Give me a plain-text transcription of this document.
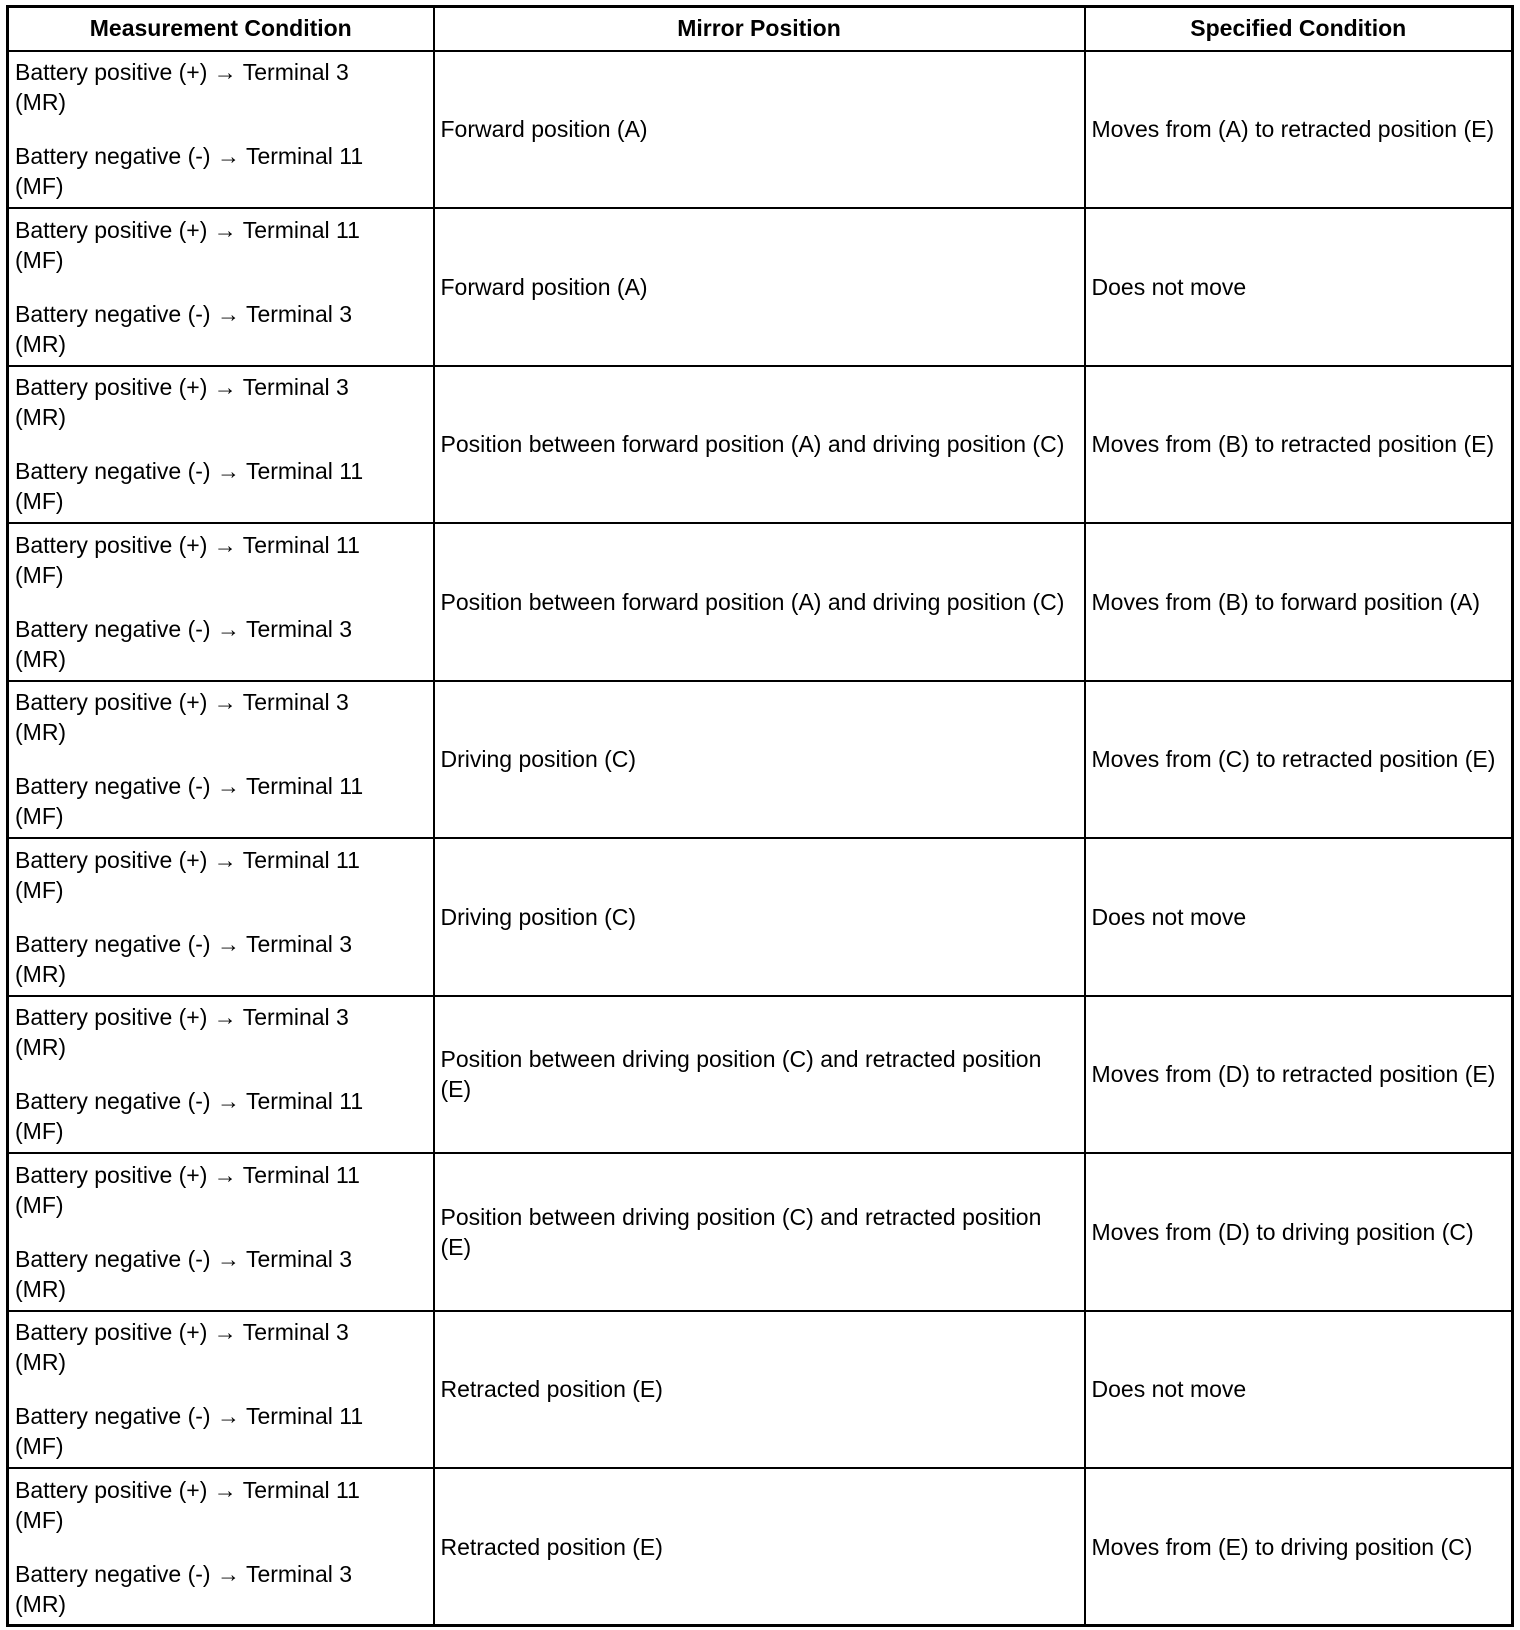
Measurement Condition	Mirror Position	Specified Condition

Battery positive (+) → Terminal 3 (MR)

Battery negative (-) → Terminal 11 (MF)	Forward position (A)	Moves from (A) to retracted position (E)

Battery positive (+) → Terminal 11 (MF)

Battery negative (-) → Terminal 3 (MR)	Forward position (A)	Does not move

Battery positive (+) → Terminal 3 (MR)

Battery negative (-) → Terminal 11 (MF)	Position between forward position (A) and driving position (C)	Moves from (B) to retracted position (E)

Battery positive (+) → Terminal 11 (MF)

Battery negative (-) → Terminal 3 (MR)	Position between forward position (A) and driving position (C)	Moves from (B) to forward position (A)

Battery positive (+) → Terminal 3 (MR)

Battery negative (-) → Terminal 11 (MF)	Driving position (C)	Moves from (C) to retracted position (E)

Battery positive (+) → Terminal 11 (MF)

Battery negative (-) → Terminal 3 (MR)	Driving position (C)	Does not move

Battery positive (+) → Terminal 3 (MR)

Battery negative (-) → Terminal 11 (MF)	Position between driving position (C) and retracted position (E)	Moves from (D) to retracted position (E)

Battery positive (+) → Terminal 11 (MF)

Battery negative (-) → Terminal 3 (MR)	Position between driving position (C) and retracted position (E)	Moves from (D) to driving position (C)

Battery positive (+) → Terminal 3 (MR)

Battery negative (-) → Terminal 11 (MF)	Retracted position (E)	Does not move

Battery positive (+) → Terminal 11 (MF)

Battery negative (-) → Terminal 3 (MR)	Retracted position (E)	Moves from (E) to driving position (C)
